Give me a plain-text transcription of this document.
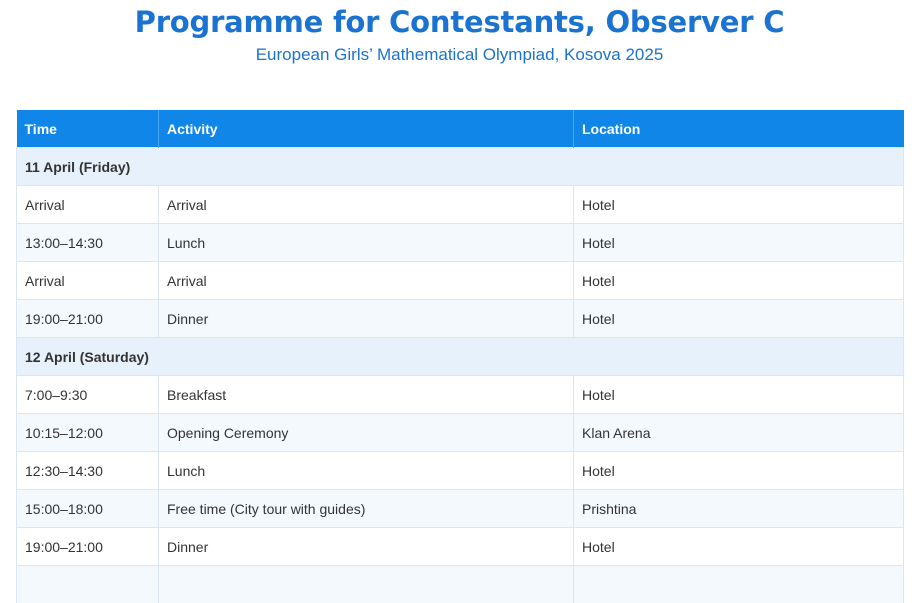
Programme for Contestants, Observer C
European Girls’ Mathematical Olympiad, Kosova 2025
Time	Activity	Location
11 April (Friday)		
Arrival	Arrival	Hotel
13:00–14:30	Lunch	Hotel
Arrival	Arrival	Hotel
19:00–21:00	Dinner	Hotel
12 April (Saturday)		
7:00–9:30	Breakfast	Hotel
10:15–12:00	Opening Ceremony	Klan Arena
12:30–14:30	Lunch	Hotel
15:00–18:00	Free time (City tour with guides)	Prishtina
19:00–21:00	Dinner	Hotel
